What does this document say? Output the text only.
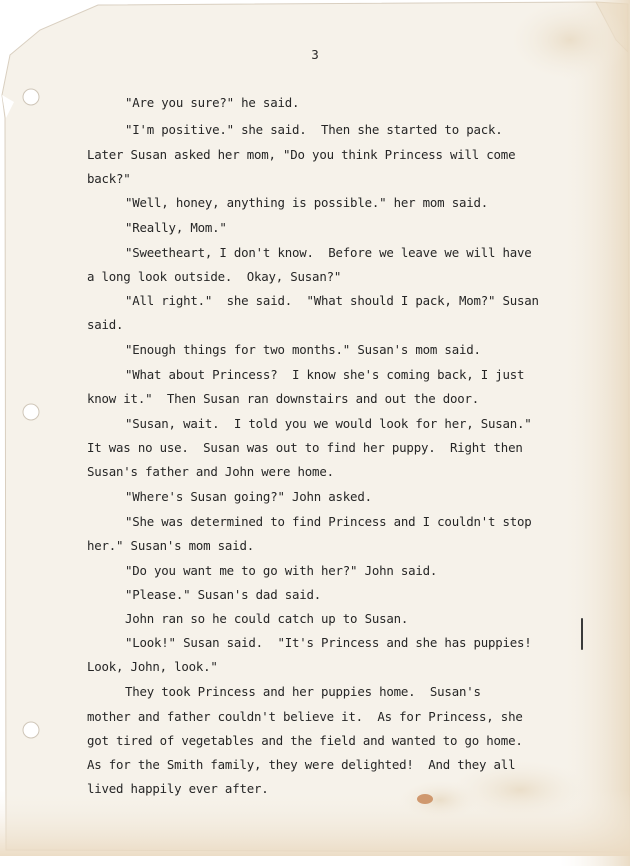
3
"Are you sure?" he said.
"I'm positive." she said.  Then she started to pack.
Later Susan asked her mom, "Do you think Princess will come
back?"
"Well, honey, anything is possible." her mom said.
"Really, Mom."
"Sweetheart, I don't know.  Before we leave we will have
a long look outside.  Okay, Susan?"
"All right."  she said.  "What should I pack, Mom?" Susan
said.
"Enough things for two months." Susan's mom said.
"What about Princess?  I know she's coming back, I just
know it."  Then Susan ran downstairs and out the door.
"Susan, wait.  I told you we would look for her, Susan."
It was no use.  Susan was out to find her puppy.  Right then
Susan's father and John were home.
"Where's Susan going?" John asked.
"She was determined to find Princess and I couldn't stop
her." Susan's mom said.
"Do you want me to go with her?" John said.
"Please." Susan's dad said.
John ran so he could catch up to Susan.
"Look!" Susan said.  "It's Princess and she has puppies!
Look, John, look."
They took Princess and her puppies home.  Susan's
mother and father couldn't believe it.  As for Princess, she
got tired of vegetables and the field and wanted to go home.
As for the Smith family, they were delighted!  And they all
lived happily ever after.
